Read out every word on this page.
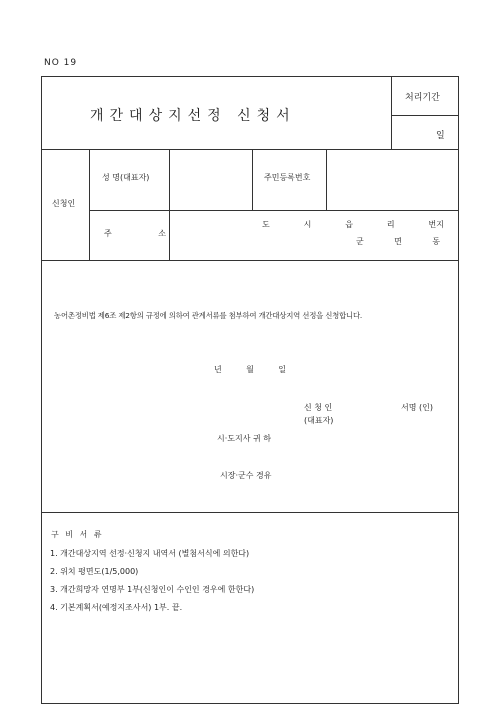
NO 19
개간대상지선정 신청서
처리기간
일
신청인
성 명(대표자)	주민등록번호
주	소
도	시	읍	리	번지
군	면	동
농어촌정비법 제6조 제2항의 규정에 의하여 관계서류를 첨부하여 개간대상지역 선정을 신청합니다.
년	월	일
신 청 인	서명 (인)
(대표자)
시·도지사 귀 하
시장·군수 경유
구 비 서 류
1. 개간대상지역 선정·신청지 내역서 (별첨서식에 의한다)
2. 위치 평면도(1/5,000)
3. 개간희망자 연명부 1부(신청인이 수인인 경우에 한한다)
4. 기본계획서(예정지조사서) 1부. 끝.
